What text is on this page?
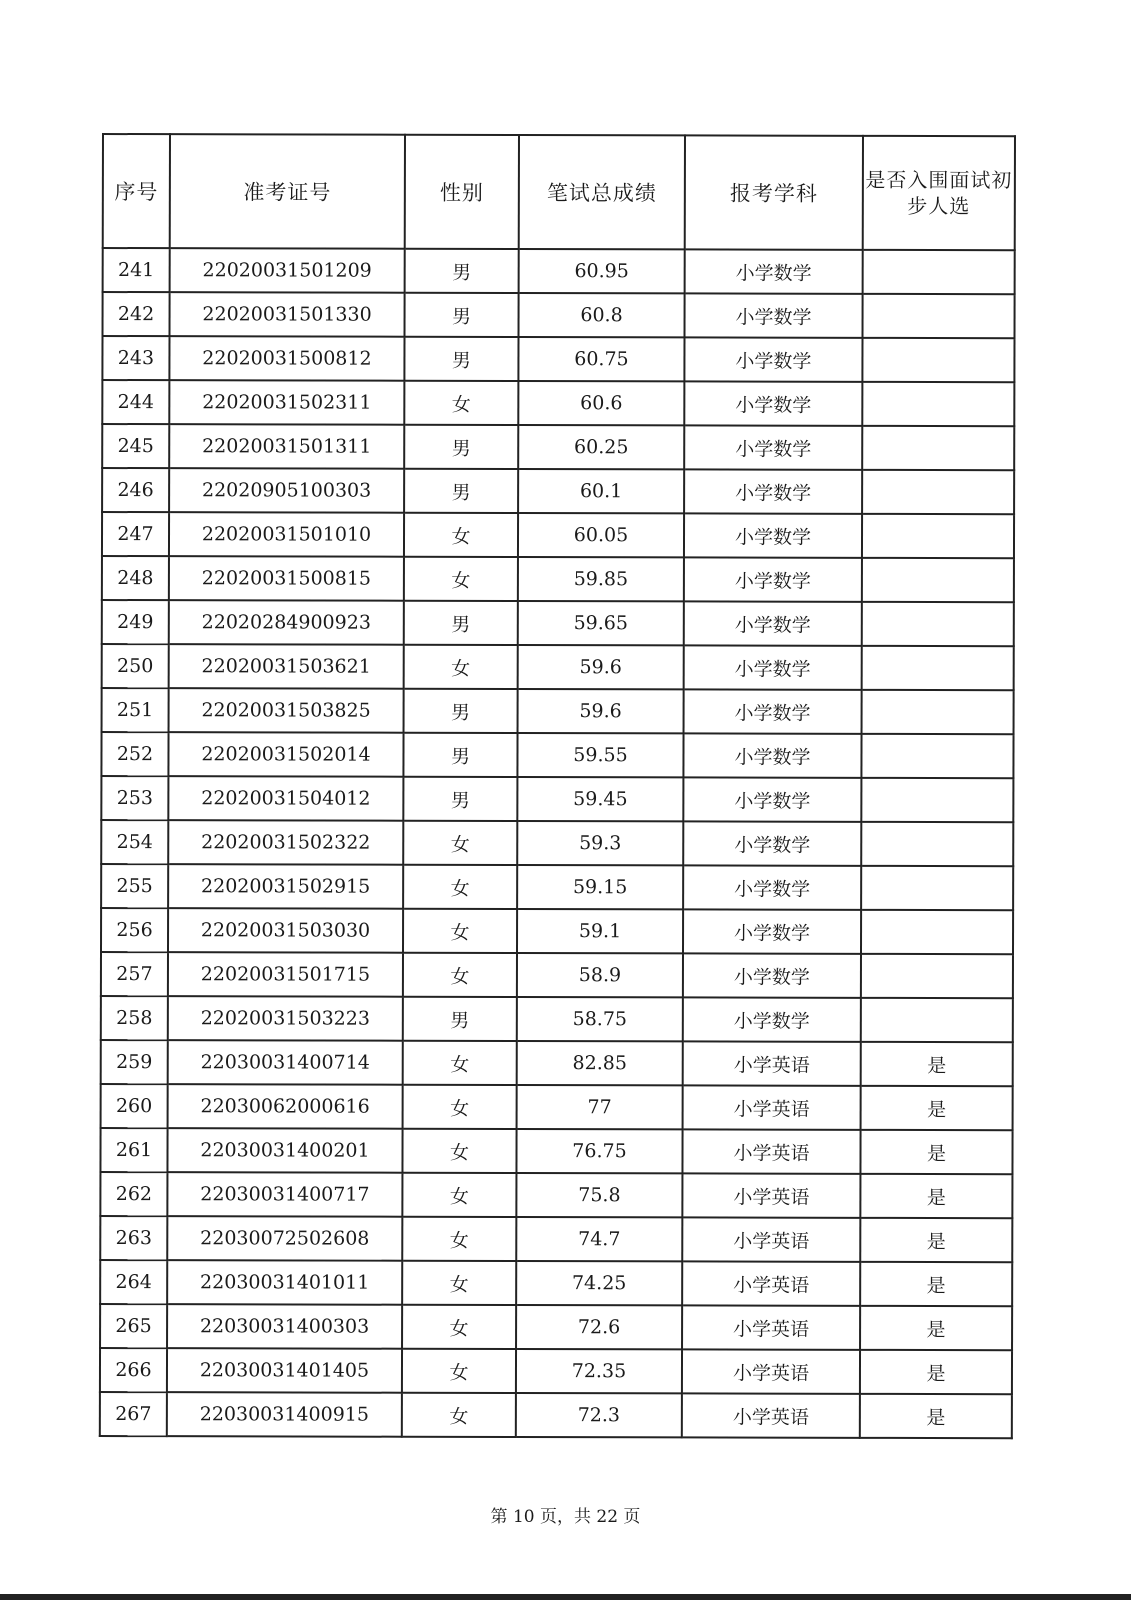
序号	准考证号	性别	笔试总成绩	报考学科	是否入围面试初步人选
241	22020031501209	男	60.95	小学数学	
242	22020031501330	男	60.8	小学数学	
243	22020031500812	男	60.75	小学数学	
244	22020031502311	女	60.6	小学数学	
245	22020031501311	男	60.25	小学数学	
246	22020905100303	男	60.1	小学数学	
247	22020031501010	女	60.05	小学数学	
248	22020031500815	女	59.85	小学数学	
249	22020284900923	男	59.65	小学数学	
250	22020031503621	女	59.6	小学数学	
251	22020031503825	男	59.6	小学数学	
252	22020031502014	男	59.55	小学数学	
253	22020031504012	男	59.45	小学数学	
254	22020031502322	女	59.3	小学数学	
255	22020031502915	女	59.15	小学数学	
256	22020031503030	女	59.1	小学数学	
257	22020031501715	女	58.9	小学数学	
258	22020031503223	男	58.75	小学数学	
259	22030031400714	女	82.85	小学英语	是
260	22030062000616	女	77	小学英语	是
261	22030031400201	女	76.75	小学英语	是
262	22030031400717	女	75.8	小学英语	是
263	22030072502608	女	74.7	小学英语	是
264	22030031401011	女	74.25	小学英语	是
265	22030031400303	女	72.6	小学英语	是
266	22030031401405	女	72.35	小学英语	是
267	22030031400915	女	72.3	小学英语	是
第 10 页，共 22 页
